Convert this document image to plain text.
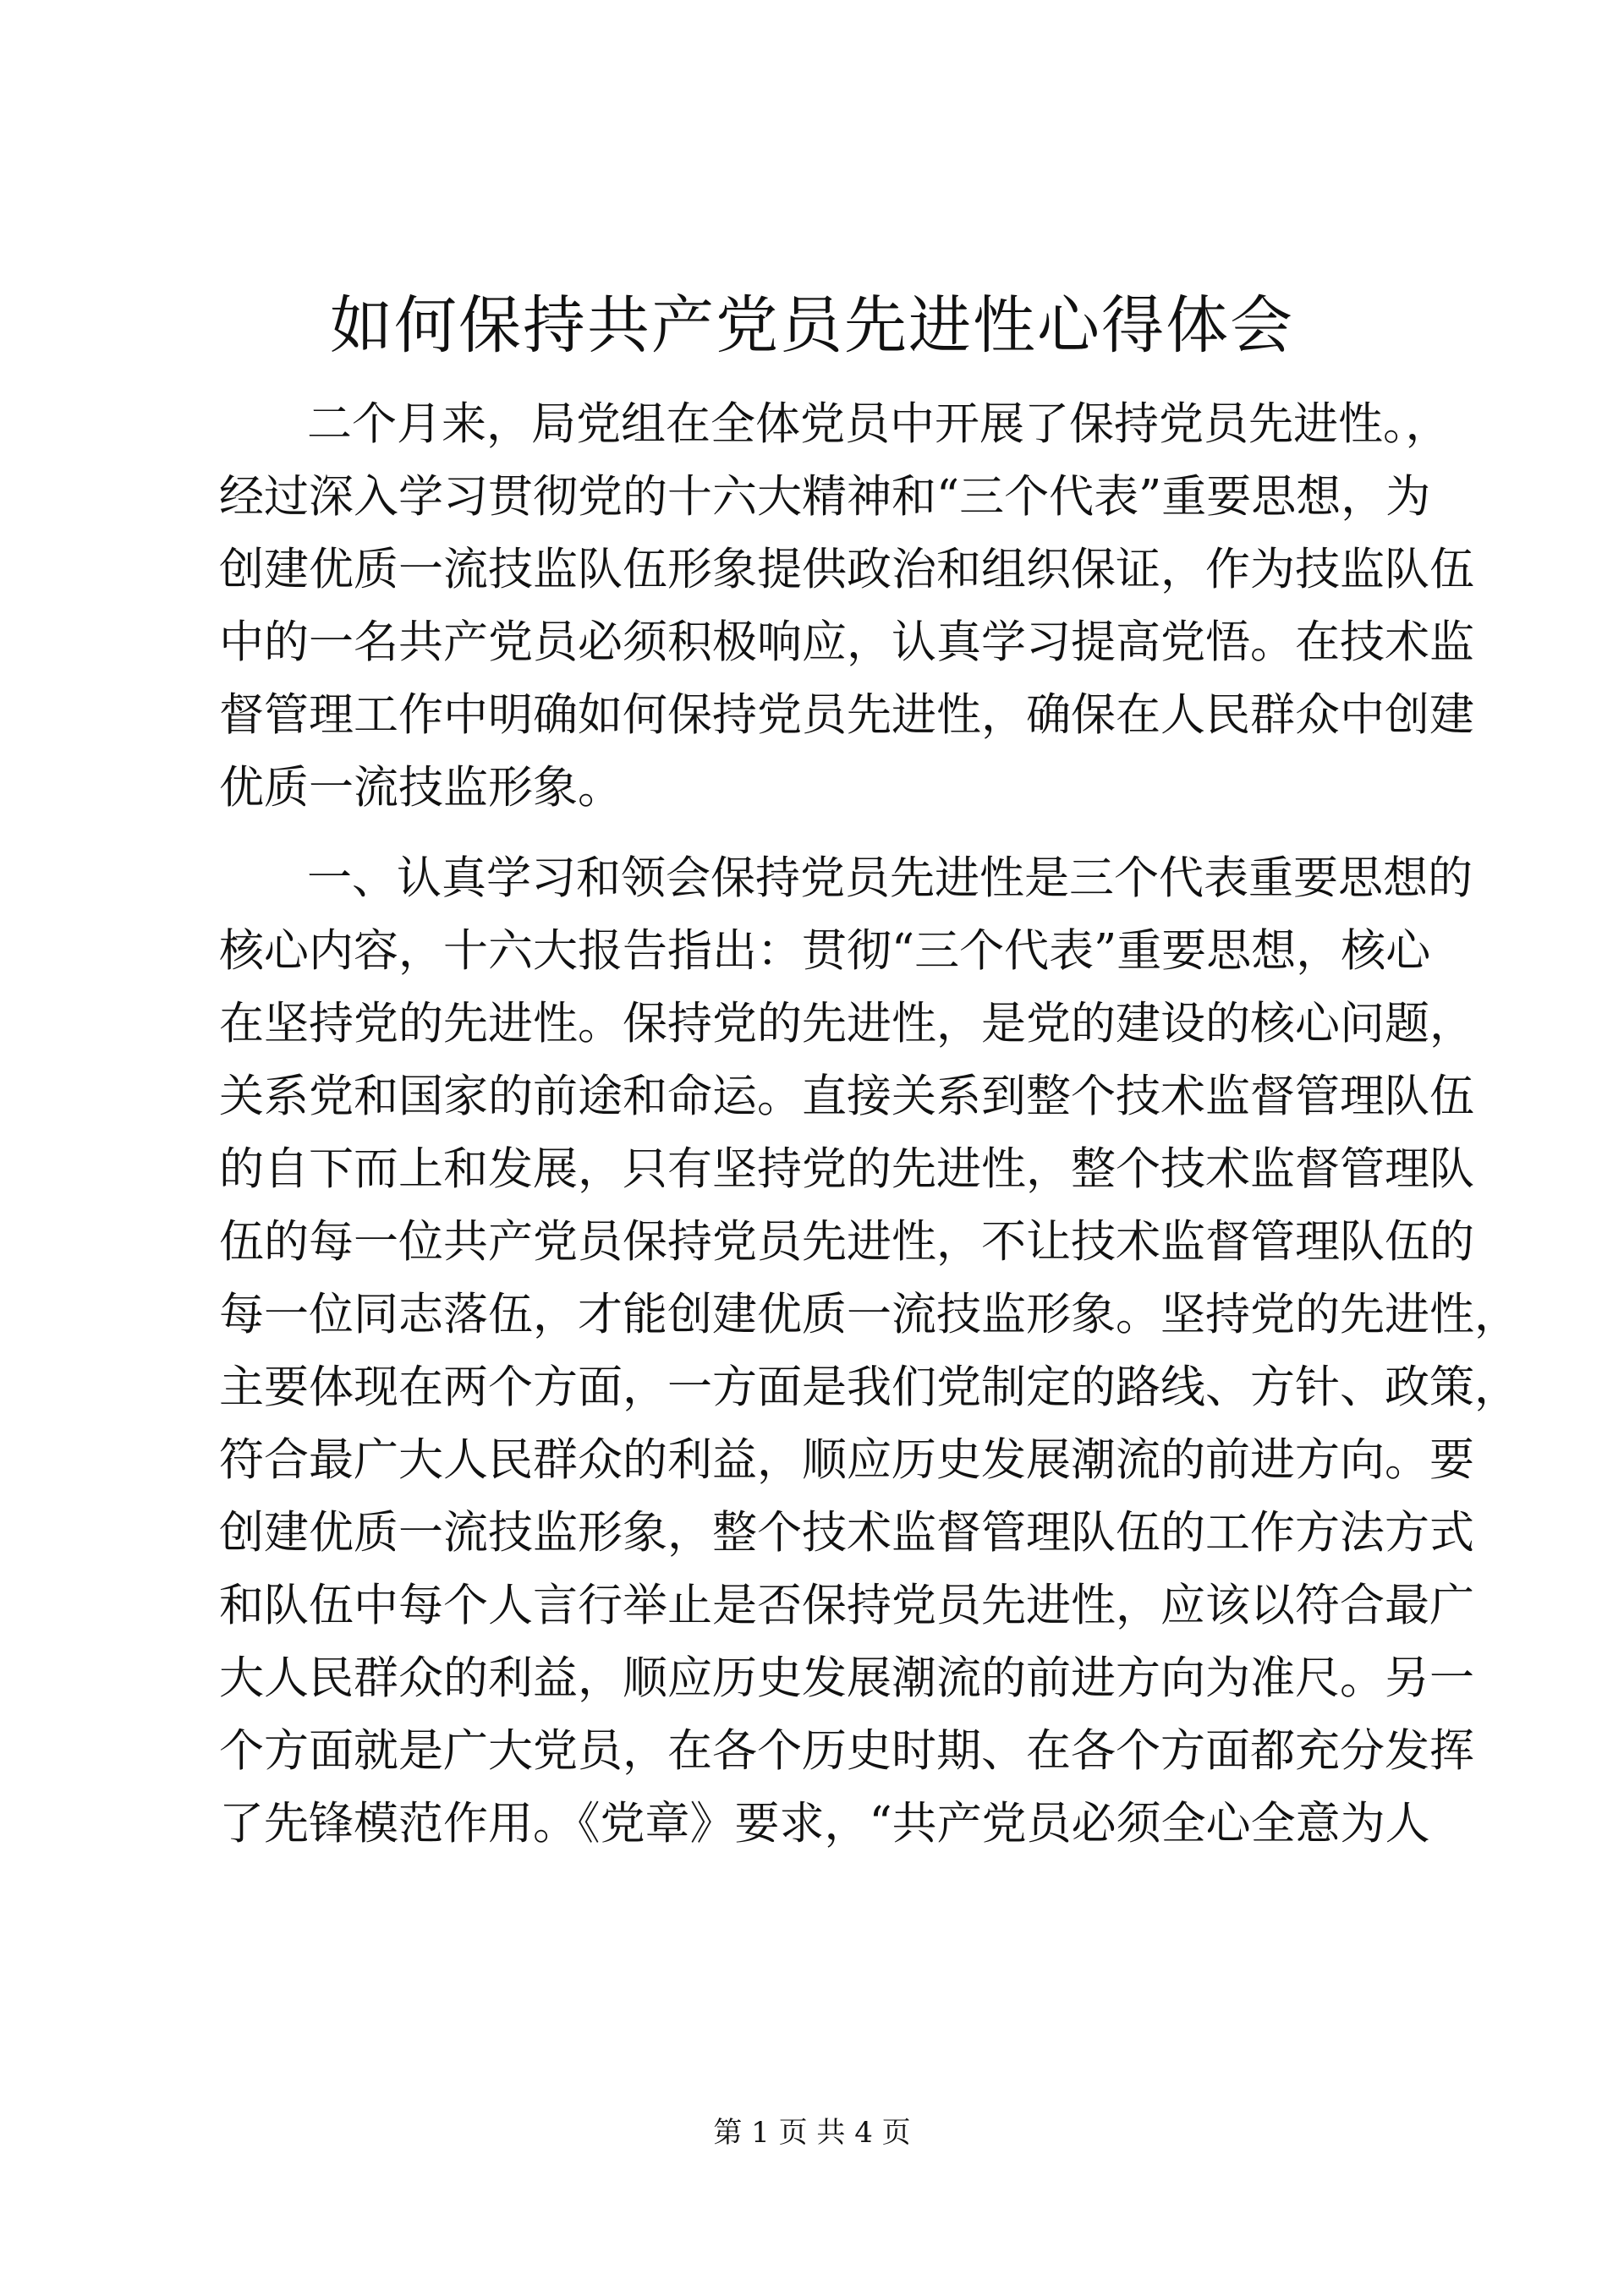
如何保持共产党员先进性心得体会
二个月来，局党组在全体党员中开展了保持党员先进性。，
经过深入学习贯彻党的十六大精神和“三个代表”重要思想，为
创建优质一流技监队伍形象提供政治和组织保证，作为技监队伍
中的一名共产党员必须积极响应，认真学习提高党悟。在技术监
督管理工作中明确如何保持党员先进性，确保在人民群众中创建
优质一流技监形象。
一、认真学习和领会保持党员先进性是三个代表重要思想的
核心内容，十六大报告指出：贯彻“三个代表”重要思想，核心
在坚持党的先进性。保持党的先进性，是党的建设的核心问题，
关系党和国家的前途和命运。直接关系到整个技术监督管理队伍
的自下而上和发展，只有坚持党的先进性，整个技术监督管理队
伍的每一位共产党员保持党员先进性，不让技术监督管理队伍的
每一位同志落伍，才能创建优质一流技监形象。坚持党的先进性，
主要体现在两个方面，一方面是我们党制定的路线、方针、政策，
符合最广大人民群众的利益，顺应历史发展潮流的前进方向。要
创建优质一流技监形象，整个技术监督管理队伍的工作方法方式
和队伍中每个人言行举止是否保持党员先进性，应该以符合最广
大人民群众的利益，顺应历史发展潮流的前进方向为准尺。另一
个方面就是广大党员，在各个历史时期、在各个方面都充分发挥
了先锋模范作用。《党章》要求，“共产党员必须全心全意为人
第 1 页 共 4 页
